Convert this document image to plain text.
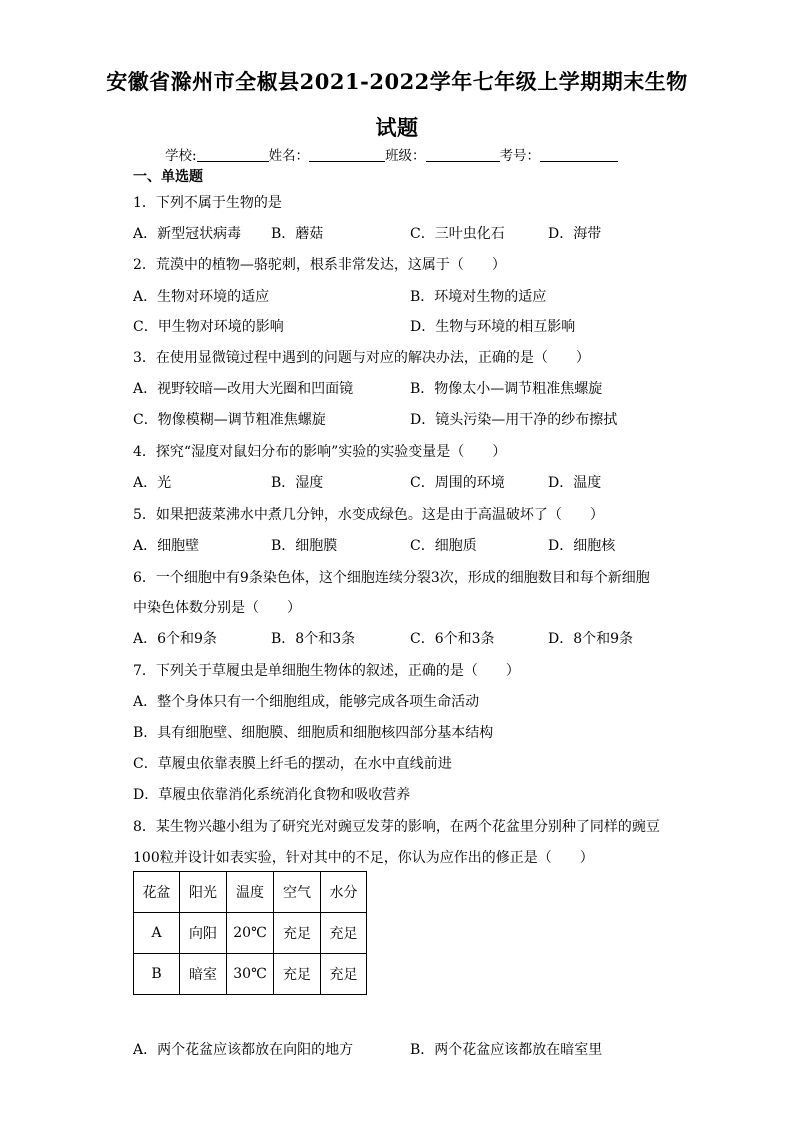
安徽省滁州市全椒县2021-2022学年七年级上学期期末生物
试题
学校:	姓名：	班级：	考号：
一、单选题
1．下列不属于生物的是
A．新型冠状病毒 B．蘑菇	C．三叶虫化石	D．海带
2．荒漠中的植物—骆驼刺，根系非常发达，这属于（　　）
A．生物对环境的适应	B．环境对生物的适应
C．甲生物对环境的影响	D．生物与环境的相互影响
3．在使用显微镜过程中遇到的问题与对应的解决办法，正确的是（　　）
A．视野较暗—改用大光圈和凹面镜	B．物像太小—调节粗准焦螺旋
C．物像模糊—调节粗准焦螺旋	D．镜头污染—用干净的纱布擦拭
4．探究“湿度对鼠妇分布的影响”实验的实验变量是（　　）
A．光	B．湿度	C．周围的环境	D．温度
5．如果把菠菜沸水中煮几分钟，水变成绿色。这是由于高温破坏了（　　）
A．细胞壁	B．细胞膜	C．细胞质	D．细胞核
6．一个细胞中有9条染色体，这个细胞连续分裂3次，形成的细胞数目和每个新细胞
中染色体数分别是（　　）
A．6个和9条	B．8个和3条	C．6个和3条	D．8个和9条
7．下列关于草履虫是单细胞生物体的叙述，正确的是（　　）
A．整个身体只有一个细胞组成，能够完成各项生命活动
B．具有细胞壁、细胞膜、细胞质和细胞核四部分基本结构
C．草履虫依靠表膜上纤毛的摆动，在水中直线前进
D．草履虫依靠消化系统消化食物和吸收营养
8．某生物兴趣小组为了研究光对豌豆发芽的影响，在两个花盆里分别种了同样的豌豆
100粒并设计如表实验，针对其中的不足，你认为应作出的修正是（　　）
花盆	阳光	温度	空气	水分
A	向阳	20℃	充足	充足
B	暗室	30℃	充足	充足
A．两个花盆应该都放在向阳的地方	B．两个花盆应该都放在暗室里
